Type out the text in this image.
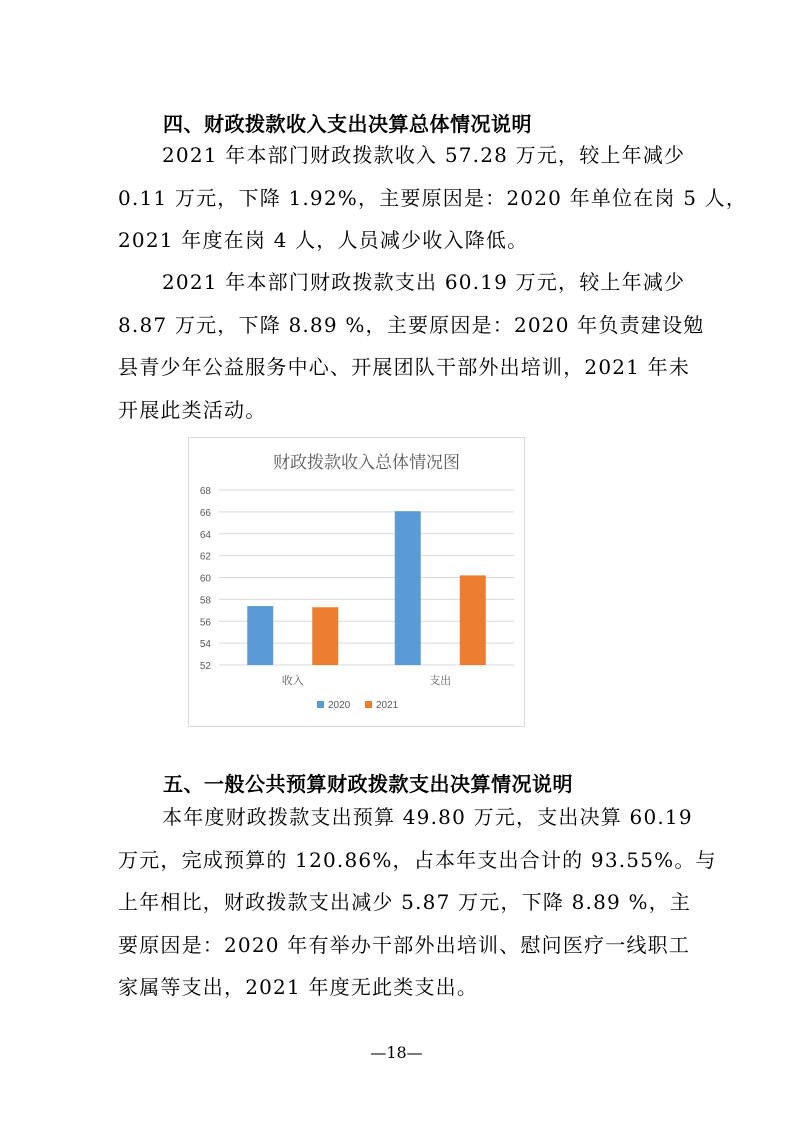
四、财政拨款收入支出决算总体情况说明
2021 年本部门财政拨款收入 57.28 万元，较上年减少
0.11 万元，下降 1.92%，主要原因是：2020 年单位在岗 5 人，
2021 年度在岗 4 人，人员减少收入降低。
2021 年本部门财政拨款支出 60.19 万元，较上年减少
8.87 万元，下降 8.89 %，主要原因是：2020 年负责建设勉
县青少年公益服务中心、开展团队干部外出培训，2021 年未
开展此类活动。
财政拨款收入总体情况图
52
54
56
58
60
62
64
66
68
收入	支出
2020	2021
五、一般公共预算财政拨款支出决算情况说明
本年度财政拨款支出预算 49.80 万元，支出决算 60.19
万元，完成预算的 120.86%，占本年支出合计的 93.55%。与
上年相比，财政拨款支出减少 5.87 万元，下降 8.89 %，主
要原因是：2020 年有举办干部外出培训、慰问医疗一线职工
家属等支出，2021 年度无此类支出。
—18—
